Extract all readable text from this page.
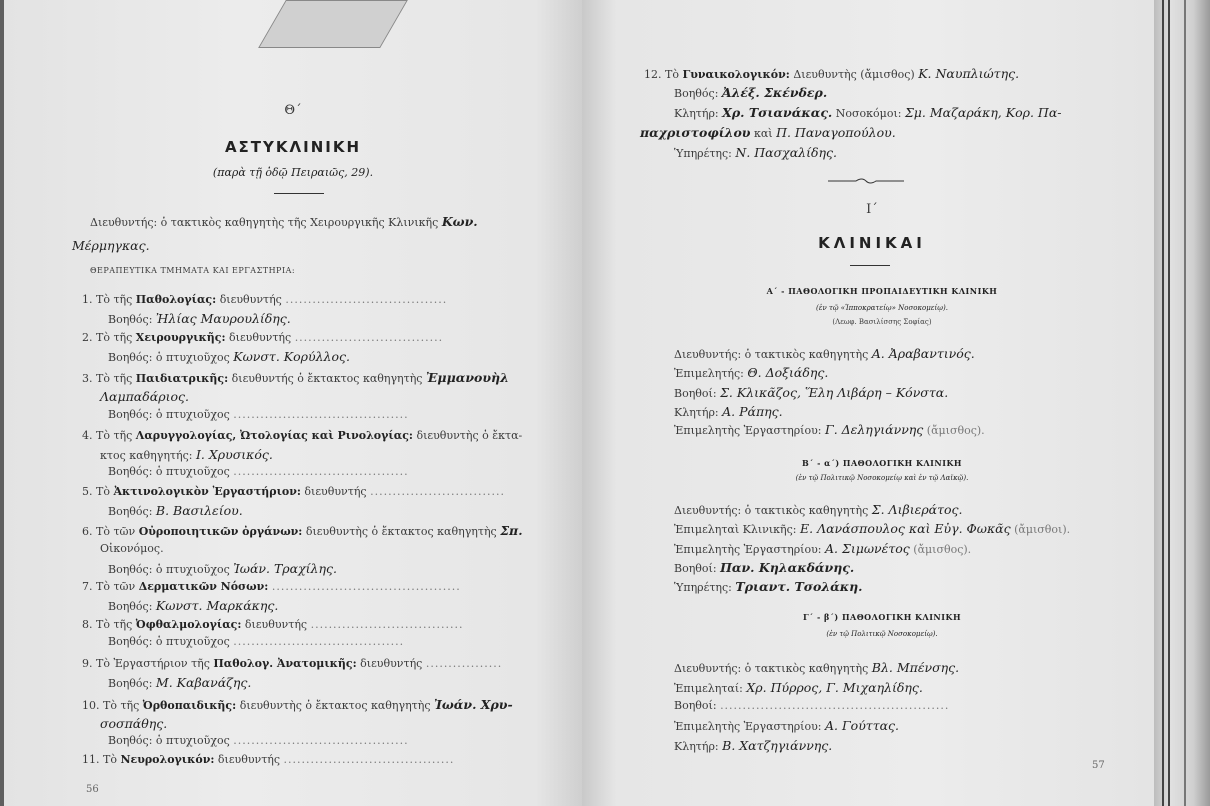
Θ΄
ΑΣΤΥΚΛΙΝΙΚΗ
(παρὰ τῇ ὁδῷ Πειραιῶς, 29).
Διευθυντής: ὁ τακτικὸς καθηγητὴς τῆς Χειρουργικῆς Κλινικῆς Κων.
Μέρμηγκας.
ΘΕΡΑΠΕΥΤΙΚΑ ΤΜΗΜΑΤΑ ΚΑΙ ΕΡΓΑΣΤΗΡΙΑ:
1. Τὸ τῆς Παθολογίας: διευθυντής ....................................
Βοηθός: Ἠλίας Μαυρουλίδης.
2. Τὸ τῆς Χειρουργικῆς: διευθυντής .................................
Βοηθός: ὁ πτυχιοῦχος Κωνστ. Κορύλλος.
3. Τὸ τῆς Παιδιατρικῆς: διευθυντής ὁ ἔκτακτος καθηγητὴς Ἐμμανουὴλ
Λαμπαδάριος.
Βοηθός: ὁ πτυχιοῦχος .......................................
4. Τὸ τῆς Λαρυγγολογίας, Ὠτολογίας καὶ Ρινολογίας: διευθυντὴς ὁ ἔκτα-
κτος καθηγητής: Ι. Χρυσικός.
Βοηθός: ὁ πτυχιοῦχος .......................................
5. Τὸ Ἀκτινολογικὸν Ἐργαστήριον: διευθυντής ..............................
Βοηθός: Β. Βασιλείου.
6. Τὸ τῶν Οὐροποιητικῶν ὀργάνων: διευθυντὴς ὁ ἔκτακτος καθηγητὴς Σπ.
Οἰκονόμος.
Βοηθός: ὁ πτυχιοῦχος Ἰωάν. Τραχίλης.
7. Τὸ τῶν Δερματικῶν Νόσων: ..........................................
Βοηθός: Κωνστ. Μαρκάκης.
8. Τὸ τῆς Ὀφθαλμολογίας: διευθυντής ..................................
Βοηθός: ὁ πτυχιοῦχος ......................................
9. Τὸ Ἐργαστήριον τῆς Παθολογ. Ἀνατομικῆς: διευθυντής .................
Βοηθός: Μ. Καβανάζης.
10. Τὸ τῆς Ὀρθοπαιδικῆς: διευθυντὴς ὁ ἔκτακτος καθηγητὴς Ἰωάν. Χρυ-
σοσπάθης.
Βοηθός: ὁ πτυχιοῦχος .......................................
11. Τὸ Νευρολογικόν: διευθυντής ......................................
56
12. Τὸ Γυναικολογικόν: Διευθυντὴς (ἄμισθος) Κ. Ναυπλιώτης.
Βοηθός: Ἀλέξ. Σκένδερ.
Κλητήρ: Χρ. Τσιανάκας. Νοσοκόμοι: Σμ. Μαζαράκη, Κορ. Πα-
παχριστοφίλου καὶ Π. Παναγοπούλου.
Ὑπηρέτης: Ν. Πασχαλίδης.
Ι΄
ΚΛΙΝΙΚΑΙ
Α΄ - ΠΑΘΟΛΟΓΙΚΗ ΠΡΟΠΑΙΔΕΥΤΙΚΗ ΚΛΙΝΙΚΗ
(ἐν τῷ «Ἱπποκρατείῳ» Νοσοκομείῳ).
(Λεωφ. Βασιλίσσης Σοφίας)
Διευθυντής: ὁ τακτικὸς καθηγητὴς Α. Ἀραβαντινός.
Ἐπιμελητής: Θ. Δοξιάδης.
Βοηθοί: Σ. Κλικᾶζος, Ἕλη Λιβάρη – Κόνστα.
Κλητήρ: Α. Ράπης.
Ἐπιμελητὴς Ἐργαστηρίου: Γ. Δεληγιάννης (ἄμισθος).
Β΄ - α΄) ΠΑΘΟΛΟΓΙΚΗ ΚΛΙΝΙΚΗ
(ἐν τῷ Πολιτικῷ Νοσοκομείῳ καὶ ἐν τῷ Λαϊκῷ).
Διευθυντής: ὁ τακτικὸς καθηγητὴς Σ. Λιβιεράτος.
Ἐπιμεληταὶ Κλινικῆς: Ε. Λανάσπουλος καὶ Εὐγ. Φωκᾶς (ἄμισθοι).
Ἐπιμελητὴς Ἐργαστηρίου: Α. Σιμωνέτος (ἄμισθος).
Βοηθοί: Παν. Κηλακδάνης.
Ὑπηρέτης: Τριαντ. Τσολάκη.
Γ΄ - β΄) ΠΑΘΟΛΟΓΙΚΗ ΚΛΙΝΙΚΗ
(ἐν τῷ Πολιτικῷ Νοσοκομείῳ).
Διευθυντής: ὁ τακτικὸς καθηγητὴς Βλ. Μπένσης.
Ἐπιμεληταί: Χρ. Πύρρος, Γ. Μιχαηλίδης.
Βοηθοί: ...................................................
Ἐπιμελητὴς Ἐργαστηρίου: Α. Γούττας.
Κλητήρ: Β. Χατζηγιάννης.
57
